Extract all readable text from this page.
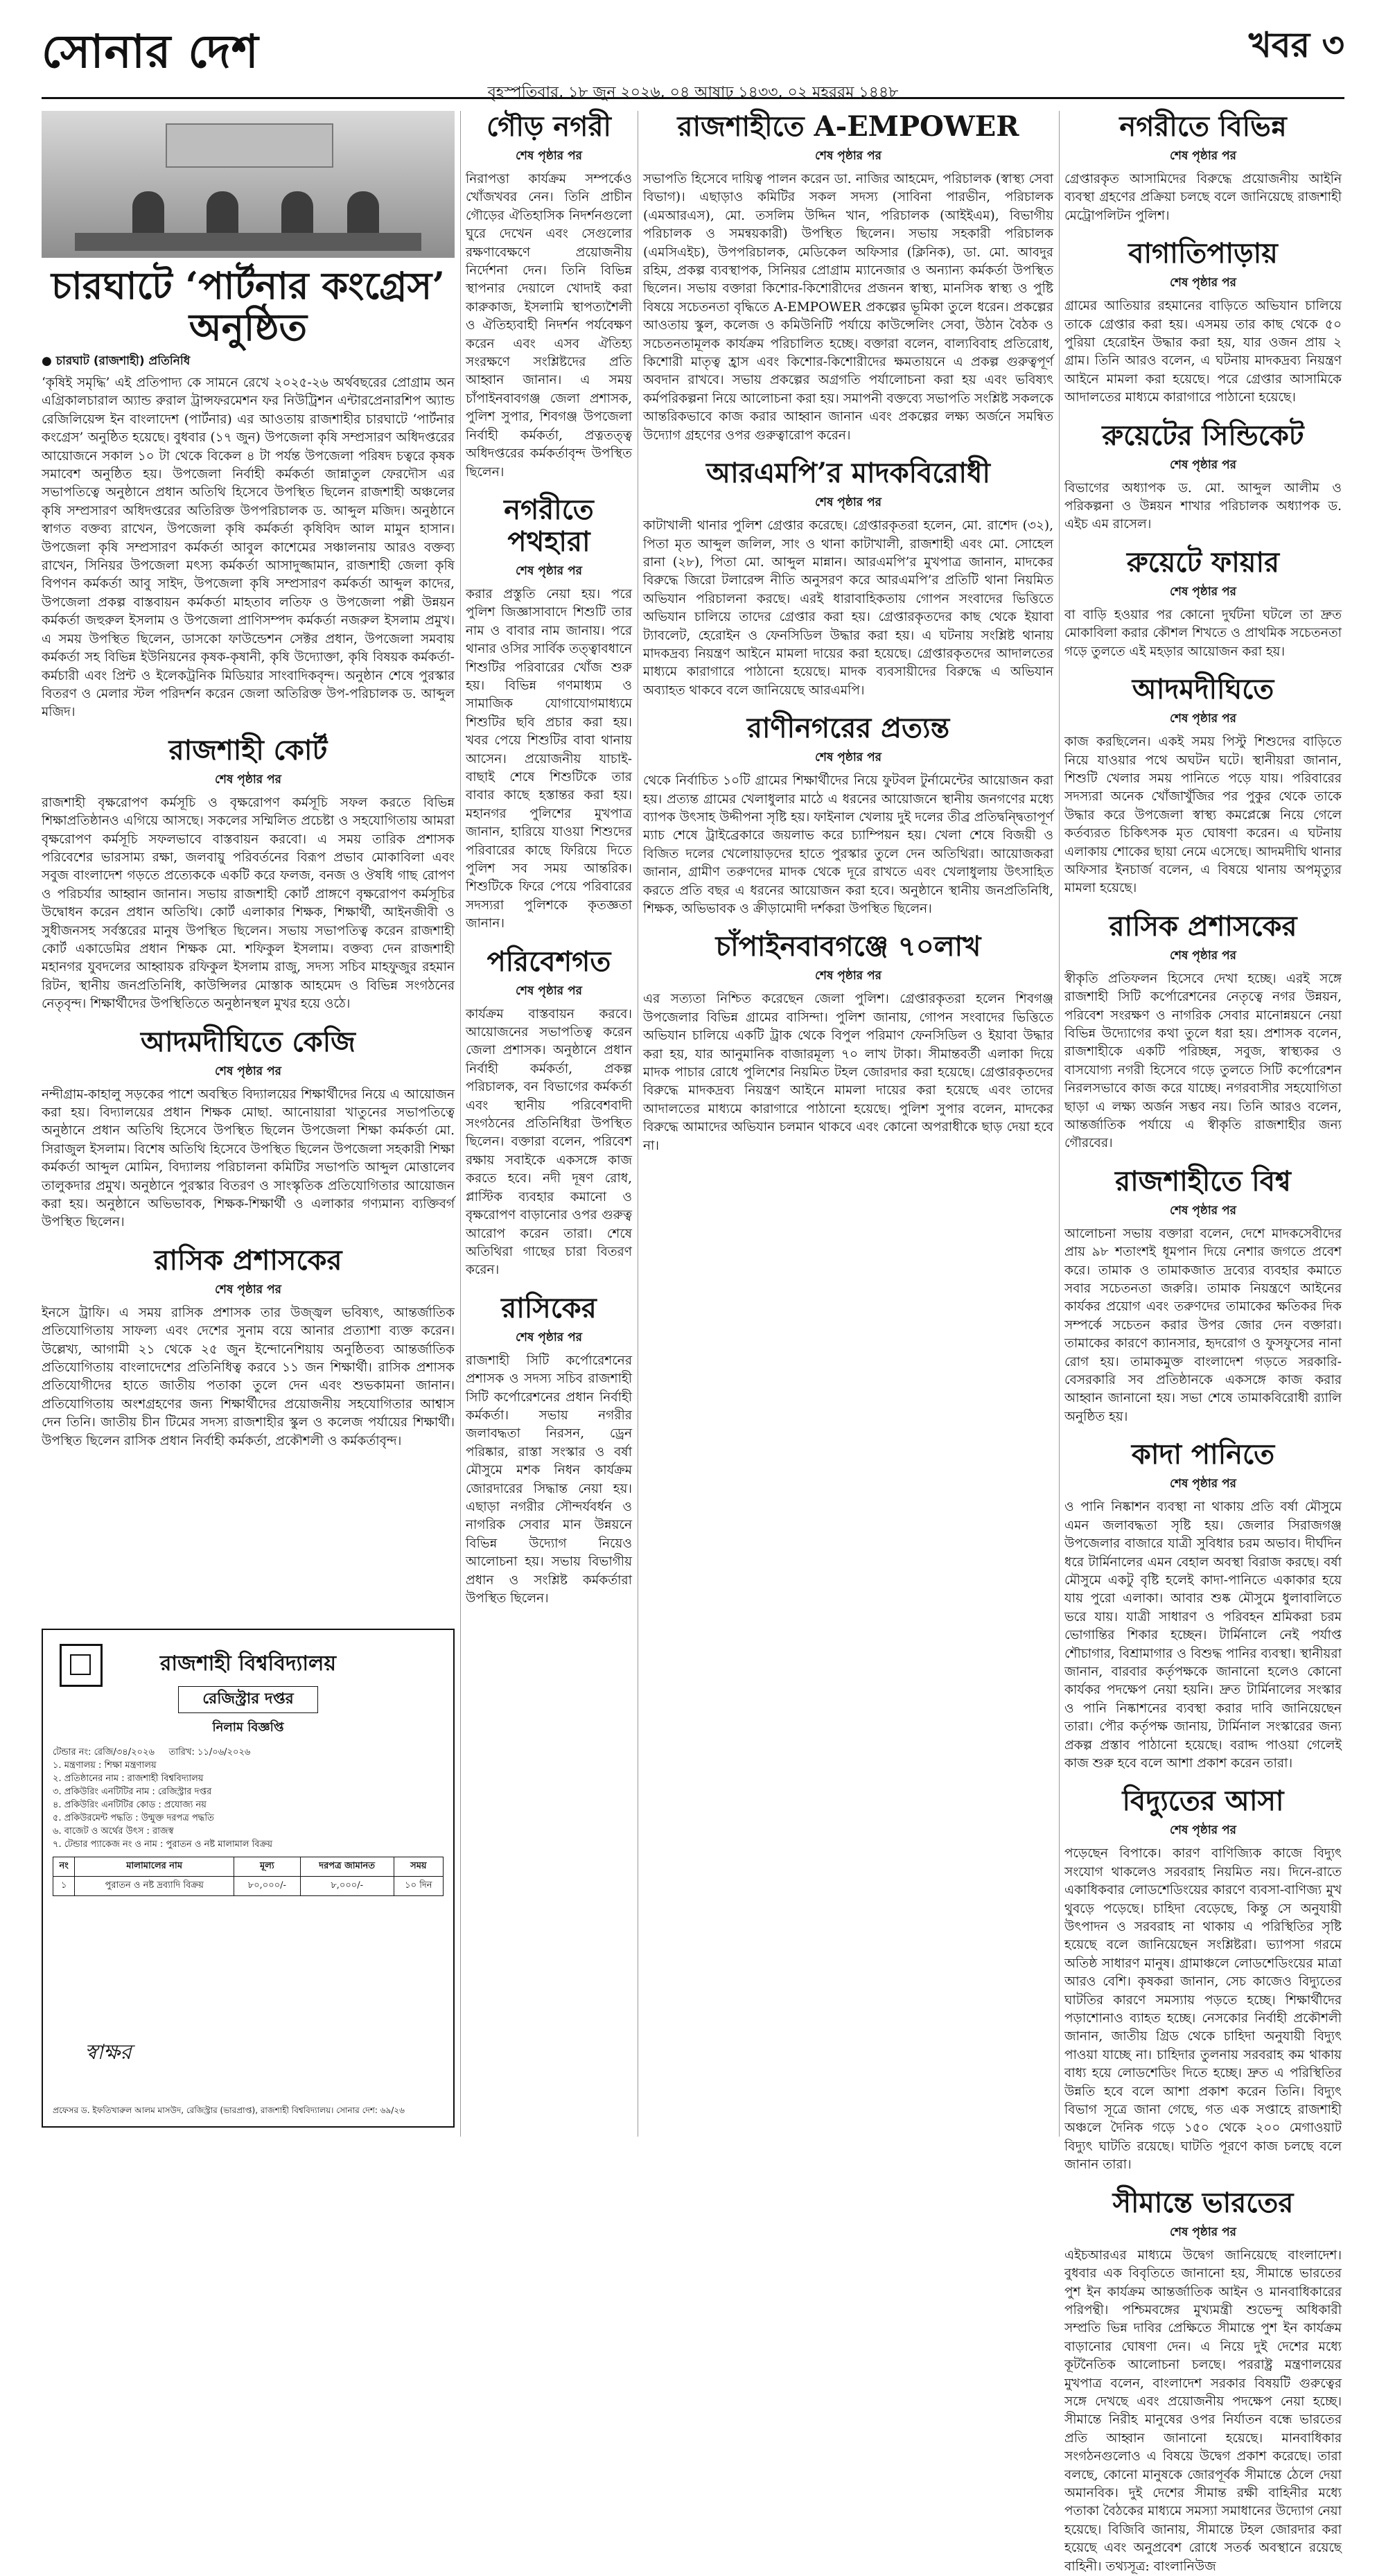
সোনার দেশ
বৃহস্পতিবার, ১৮ জুন ২০২৬, ০৪ আষাঢ় ১৪৩৩, ০২ মহররম ১৪৪৮
খবর ৩
চারঘাটে ‘পার্টনার কংগ্রেস’ অনুষ্ঠিত
● চারঘাট (রাজশাহী) প্রতিনিধি

‘কৃষিই সমৃদ্ধি’ এই প্রতিপাদ্য কে সামনে রেখে ২০২৫-২৬ অর্থবছরের প্রোগ্রাম অন এগ্রিকালচারাল অ্যান্ড রুরাল ট্রান্সফরমেশন ফর নিউট্রিশন এন্টারপ্রেনারশিপ অ্যান্ড রেজিলিয়েন্স ইন বাংলাদেশ (পার্টনার) এর আওতায় রাজশাহীর চারঘাটে ‘পার্টনার কংগ্রেস’ অনুষ্ঠিত হয়েছে। বুধবার (১৭ জুন) উপজেলা কৃষি সম্প্রসারণ অধিদপ্তরের আয়োজনে সকাল ১০ টা থেকে বিকেল ৪ টা পর্যন্ত উপজেলা পরিষদ চত্বরে কৃষক সমাবেশ অনুষ্ঠিত হয়। উপজেলা নির্বাহী কর্মকর্তা জান্নাতুল ফেরদৌস এর সভাপতিত্বে অনুষ্ঠানে প্রধান অতিথি হিসেবে উপস্থিত ছিলেন রাজশাহী অঞ্চলের কৃষি সম্প্রসারণ অধিদপ্তরের অতিরিক্ত উপপরিচালক ড. আব্দুল মজিদ। অনুষ্ঠানে স্বাগত বক্তব্য রাখেন, উপজেলা কৃষি কর্মকর্তা কৃষিবিদ আল মামুন হাসান। উপজেলা কৃষি সম্প্রসারণ কর্মকর্তা আবুল কাশেমের সঞ্চালনায় আরও বক্তব্য রাখেন, সিনিয়র উপজেলা মৎস্য কর্মকর্তা আসাদুজ্জামান, রাজশাহী জেলা কৃষি বিপণন কর্মকর্তা আবু সাইদ, উপজেলা কৃষি সম্প্রসারণ কর্মকর্তা আব্দুল কাদের, উপজেলা প্রকল্প বাস্তবায়ন কর্মকর্তা মাহতাব লতিফ ও উপজেলা পল্লী উন্নয়ন কর্মকর্তা জহুরুল ইসলাম ও উপজেলা প্রাণিসম্পদ কর্মকর্তা নজরুল ইসলাম প্রমুখ। এ সময় উপস্থিত ছিলেন, ডাসকো ফাউন্ডেশন সেক্টর প্রধান, উপজেলা সমবায় কর্মকর্তা সহ বিভিন্ন ইউনিয়নের কৃষক-কৃষানী, কৃষি উদ্যোক্তা, কৃষি বিষয়ক কর্মকর্তা-কর্মচারী এবং প্রিন্ট ও ইলেকট্রনিক মিডিয়ার সাংবাদিকবৃন্দ। অনুষ্ঠান শেষে পুরস্কার বিতরণ ও মেলার স্টল পরিদর্শন করেন জেলা অতিরিক্ত উপ-পরিচালক ড. আব্দুল মজিদ।

রাজশাহী কোর্ট
শেষ পৃষ্ঠার পর

রাজশাহী বৃক্ষরোপণ কর্মসূচি ও বৃক্ষরোপণ কর্মসূচি সফল করতে বিভিন্ন শিক্ষাপ্রতিষ্ঠানও এগিয়ে আসছে। সকলের সম্মিলিত প্রচেষ্টা ও সহযোগিতায় আমরা বৃক্ষরোপণ কর্মসূচি সফলভাবে বাস্তবায়ন করবো। এ সময় তারিক প্রশাসক পরিবেশের ভারসাম্য রক্ষা, জলবায়ু পরিবর্তনের বিরূপ প্রভাব মোকাবিলা এবং সবুজ বাংলাদেশ গড়তে প্রত্যেককে একটি করে ফলজ, বনজ ও ঔষধি গাছ রোপণ ও পরিচর্যার আহ্বান জানান। সভায় রাজশাহী কোর্ট প্রাঙ্গণে বৃক্ষরোপণ কর্মসূচির উদ্বোধন করেন প্রধান অতিথি। কোর্ট এলাকার শিক্ষক, শিক্ষার্থী, আইনজীবী ও সুধীজনসহ সর্বস্তরের মানুষ উপস্থিত ছিলেন। সভায় সভাপতিত্ব করেন রাজশাহী কোর্ট একাডেমির প্রধান শিক্ষক মো. শফিকুল ইসলাম। বক্তব্য দেন রাজশাহী মহানগর যুবদলের আহ্বায়ক রফিকুল ইসলাম রাজু, সদস্য সচিব মাহফুজুর রহমান রিটন, স্থানীয় জনপ্রতিনিধি, কাউন্সিলর মোস্তাক আহমেদ ও বিভিন্ন সংগঠনের নেতৃবৃন্দ। শিক্ষার্থীদের উপস্থিতিতে অনুষ্ঠানস্থল মুখর হয়ে ওঠে।

আদমদীঘিতে কেজি
শেষ পৃষ্ঠার পর

নন্দীগ্রাম-কাহালু সড়কের পাশে অবস্থিত বিদ্যালয়ের শিক্ষার্থীদের নিয়ে এ আয়োজন করা হয়। বিদ্যালয়ের প্রধান শিক্ষক মোছা. আনোয়ারা খাতুনের সভাপতিত্বে অনুষ্ঠানে প্রধান অতিথি হিসেবে উপস্থিত ছিলেন উপজেলা শিক্ষা কর্মকর্তা মো. সিরাজুল ইসলাম। বিশেষ অতিথি হিসেবে উপস্থিত ছিলেন উপজেলা সহকারী শিক্ষা কর্মকর্তা আব্দুল মোমিন, বিদ্যালয় পরিচালনা কমিটির সভাপতি আব্দুল মোত্তালেব তালুকদার প্রমুখ। অনুষ্ঠানে পুরস্কার বিতরণ ও সাংস্কৃতিক প্রতিযোগিতার আয়োজন করা হয়। অনুষ্ঠানে অভিভাবক, শিক্ষক-শিক্ষার্থী ও এলাকার গণ্যমান্য ব্যক্তিবর্গ উপস্থিত ছিলেন।

রাসিক প্রশাসকের
শেষ পৃষ্ঠার পর

ইনসে ট্রাফি। এ সময় রাসিক প্রশাসক তার উজ্জ্বল ভবিষ্যৎ, আন্তর্জাতিক প্রতিযোগিতায় সাফল্য এবং দেশের সুনাম বয়ে আনার প্রত্যাশা ব্যক্ত করেন। উল্লেখ্য, আগামী ২১ থেকে ২৫ জুন ইন্দোনেশিয়ায় অনুষ্ঠিতব্য আন্তর্জাতিক প্রতিযোগিতায় বাংলাদেশের প্রতিনিধিত্ব করবে ১১ জন শিক্ষার্থী। রাসিক প্রশাসক প্রতিযোগীদের হাতে জাতীয় পতাকা তুলে দেন এবং শুভকামনা জানান। প্রতিযোগিতায় অংশগ্রহণের জন্য শিক্ষার্থীদের প্রয়োজনীয় সহযোগিতার আশ্বাস দেন তিনি। জাতীয় চীন টিমের সদস্য রাজশাহীর স্কুল ও কলেজ পর্যায়ের শিক্ষার্থী। উপস্থিত ছিলেন রাসিক প্রধান নির্বাহী কর্মকর্তা, প্রকৌশলী ও কর্মকর্তাবৃন্দ।

গৌড় নগরী
শেষ পৃষ্ঠার পর

নিরাপত্তা কার্যক্রম সম্পর্কেও খোঁজখবর নেন। তিনি প্রাচীন গৌড়ের ঐতিহাসিক নিদর্শনগুলো ঘুরে দেখেন এবং সেগুলোর রক্ষণাবেক্ষণে প্রয়োজনীয় নির্দেশনা দেন। তিনি বিভিন্ন স্থাপনার দেয়ালে খোদাই করা কারুকাজ, ইসলামি স্থাপত্যশৈলী ও ঐতিহ্যবাহী নিদর্শন পর্যবেক্ষণ করেন এবং এসব ঐতিহ্য সংরক্ষণে সংশ্লিষ্টদের প্রতি আহ্বান জানান। এ সময় চাঁপাইনবাবগঞ্জ জেলা প্রশাসক, পুলিশ সুপার, শিবগঞ্জ উপজেলা নির্বাহী কর্মকর্তা, প্রত্নতত্ত্ব অধিদপ্তরের কর্মকর্তাবৃন্দ উপস্থিত ছিলেন।

নগরীতে পথহারা
শেষ পৃষ্ঠার পর

করার প্রস্তুতি নেয়া হয়। পরে পুলিশ জিজ্ঞাসাবাদে শিশুটি তার নাম ও বাবার নাম জানায়। পরে থানার ওসির সার্বিক তত্ত্বাবধানে শিশুটির পরিবারের খোঁজ শুরু হয়। বিভিন্ন গণমাধ্যম ও সামাজিক যোগাযোগমাধ্যমে শিশুটির ছবি প্রচার করা হয়। খবর পেয়ে শিশুটির বাবা থানায় আসেন। প্রয়োজনীয় যাচাই-বাছাই শেষে শিশুটিকে তার বাবার কাছে হস্তান্তর করা হয়। মহানগর পুলিশের মুখপাত্র জানান, হারিয়ে যাওয়া শিশুদের পরিবারের কাছে ফিরিয়ে দিতে পুলিশ সব সময় আন্তরিক। শিশুটিকে ফিরে পেয়ে পরিবারের সদস্যরা পুলিশকে কৃতজ্ঞতা জানান।

পরিবেশগত
শেষ পৃষ্ঠার পর

কার্যক্রম বাস্তবায়ন করবে। আয়োজনের সভাপতিত্ব করেন জেলা প্রশাসক। অনুষ্ঠানে প্রধান নির্বাহী কর্মকর্তা, প্রকল্প পরিচালক, বন বিভাগের কর্মকর্তা এবং স্থানীয় পরিবেশবাদী সংগঠনের প্রতিনিধিরা উপস্থিত ছিলেন। বক্তারা বলেন, পরিবেশ রক্ষায় সবাইকে একসঙ্গে কাজ করতে হবে। নদী দূষণ রোধ, প্লাস্টিক ব্যবহার কমানো ও বৃক্ষরোপণ বাড়ানোর ওপর গুরুত্ব আরোপ করেন তারা। শেষে অতিথিরা গাছের চারা বিতরণ করেন।

রাসিকের
শেষ পৃষ্ঠার পর

রাজশাহী সিটি কর্পোরেশনের প্রশাসক ও সদস্য সচিব রাজশাহী সিটি কর্পোরেশনের প্রধান নির্বাহী কর্মকর্তা। সভায় নগরীর জলাবদ্ধতা নিরসন, ড্রেন পরিষ্কার, রাস্তা সংস্কার ও বর্ষা মৌসুমে মশক নিধন কার্যক্রম জোরদারের সিদ্ধান্ত নেয়া হয়। এছাড়া নগরীর সৌন্দর্যবর্ধন ও নাগরিক সেবার মান উন্নয়নে বিভিন্ন উদ্যোগ নিয়েও আলোচনা হয়। সভায় বিভাগীয় প্রধান ও সংশ্লিষ্ট কর্মকর্তারা উপস্থিত ছিলেন।

রাজশাহীতে A-EMPOWER
শেষ পৃষ্ঠার পর

সভাপতি হিসেবে দায়িত্ব পালন করেন ডা. নাজির আহমেদ, পরিচালক (স্বাস্থ্য সেবা বিভাগ)। এছাড়াও কমিটির সকল সদস্য (সাবিনা পারভীন, পরিচালক (এমআরএস), মো. তসলিম উদ্দিন খান, পরিচালক (আইইএম), বিভাগীয় পরিচালক ও সমন্বয়কারী) উপস্থিত ছিলেন। সভায় সহকারী পরিচালক (এমসিএইচ), উপপরিচালক, মেডিকেল অফিসার (ক্লিনিক), ডা. মো. আবদুর রহিম, প্রকল্প ব্যবস্থাপক, সিনিয়র প্রোগ্রাম ম্যানেজার ও অন্যান্য কর্মকর্তা উপস্থিত ছিলেন। সভায় বক্তারা কিশোর-কিশোরীদের প্রজনন স্বাস্থ্য, মানসিক স্বাস্থ্য ও পুষ্টি বিষয়ে সচেতনতা বৃদ্ধিতে A-EMPOWER প্রকল্পের ভূমিকা তুলে ধরেন। প্রকল্পের আওতায় স্কুল, কলেজ ও কমিউনিটি পর্যায়ে কাউন্সেলিং সেবা, উঠান বৈঠক ও সচেতনতামূলক কার্যক্রম পরিচালিত হচ্ছে। বক্তারা বলেন, বাল্যবিবাহ প্রতিরোধ, কিশোরী মাতৃত্ব হ্রাস এবং কিশোর-কিশোরীদের ক্ষমতায়নে এ প্রকল্প গুরুত্বপূর্ণ অবদান রাখবে। সভায় প্রকল্পের অগ্রগতি পর্যালোচনা করা হয় এবং ভবিষ্যৎ কর্মপরিকল্পনা নিয়ে আলোচনা করা হয়। সমাপনী বক্তব্যে সভাপতি সংশ্লিষ্ট সকলকে আন্তরিকভাবে কাজ করার আহ্বান জানান এবং প্রকল্পের লক্ষ্য অর্জনে সমন্বিত উদ্যোগ গ্রহণের ওপর গুরুত্বারোপ করেন।

আরএমপি’র মাদকবিরোধী
শেষ পৃষ্ঠার পর

কাটাখালী থানার পুলিশ গ্রেপ্তার করেছে। গ্রেপ্তারকৃতরা হলেন, মো. রাশেদ (৩২), পিতা মৃত আব্দুল জলিল, সাং ও থানা কাটাখালী, রাজশাহী এবং মো. সোহেল রানা (২৮), পিতা মো. আব্দুল মান্নান। আরএমপি’র মুখপাত্র জানান, মাদকের বিরুদ্ধে জিরো টলারেন্স নীতি অনুসরণ করে আরএমপি’র প্রতিটি থানা নিয়মিত অভিযান পরিচালনা করছে। এরই ধারাবাহিকতায় গোপন সংবাদের ভিত্তিতে অভিযান চালিয়ে তাদের গ্রেপ্তার করা হয়। গ্রেপ্তারকৃতদের কাছ থেকে ইয়াবা ট্যাবলেট, হেরোইন ও ফেনসিডিল উদ্ধার করা হয়। এ ঘটনায় সংশ্লিষ্ট থানায় মাদকদ্রব্য নিয়ন্ত্রণ আইনে মামলা দায়ের করা হয়েছে। গ্রেপ্তারকৃতদের আদালতের মাধ্যমে কারাগারে পাঠানো হয়েছে। মাদক ব্যবসায়ীদের বিরুদ্ধে এ অভিযান অব্যাহত থাকবে বলে জানিয়েছে আরএমপি।

রাণীনগরের প্রত্যন্ত
শেষ পৃষ্ঠার পর

থেকে নির্বাচিত ১০টি গ্রামের শিক্ষার্থীদের নিয়ে ফুটবল টুর্নামেন্টের আয়োজন করা হয়। প্রত্যন্ত গ্রামের খেলাধুলার মাঠে এ ধরনের আয়োজনে স্থানীয় জনগণের মধ্যে ব্যাপক উৎসাহ উদ্দীপনা সৃষ্টি হয়। ফাইনাল খেলায় দুই দলের তীব্র প্রতিদ্বন্দ্বিতাপূর্ণ ম্যাচ শেষে ট্রাইব্রেকারে জয়লাভ করে চ্যাম্পিয়ন হয়। খেলা শেষে বিজয়ী ও বিজিত দলের খেলোয়াড়দের হাতে পুরস্কার তুলে দেন অতিথিরা। আয়োজকরা জানান, গ্রামীণ তরুণদের মাদক থেকে দূরে রাখতে এবং খেলাধুলায় উৎসাহিত করতে প্রতি বছর এ ধরনের আয়োজন করা হবে। অনুষ্ঠানে স্থানীয় জনপ্রতিনিধি, শিক্ষক, অভিভাবক ও ক্রীড়ামোদী দর্শকরা উপস্থিত ছিলেন।

চাঁপাইনবাবগঞ্জে ৭০লাখ
শেষ পৃষ্ঠার পর

এর সত্যতা নিশ্চিত করেছেন জেলা পুলিশ। গ্রেপ্তারকৃতরা হলেন শিবগঞ্জ উপজেলার বিভিন্ন গ্রামের বাসিন্দা। পুলিশ জানায়, গোপন সংবাদের ভিত্তিতে অভিযান চালিয়ে একটি ট্রাক থেকে বিপুল পরিমাণ ফেনসিডিল ও ইয়াবা উদ্ধার করা হয়, যার আনুমানিক বাজারমূল্য ৭০ লাখ টাকা। সীমান্তবর্তী এলাকা দিয়ে মাদক পাচার রোধে পুলিশের নিয়মিত টহল জোরদার করা হয়েছে। গ্রেপ্তারকৃতদের বিরুদ্ধে মাদকদ্রব্য নিয়ন্ত্রণ আইনে মামলা দায়ের করা হয়েছে এবং তাদের আদালতের মাধ্যমে কারাগারে পাঠানো হয়েছে। পুলিশ সুপার বলেন, মাদকের বিরুদ্ধে আমাদের অভিযান চলমান থাকবে এবং কোনো অপরাধীকে ছাড় দেয়া হবে না।

নগরীতে বিভিন্ন
শেষ পৃষ্ঠার পর

গ্রেপ্তারকৃত আসামিদের বিরুদ্ধে প্রয়োজনীয় আইনি ব্যবস্থা গ্রহণের প্রক্রিয়া চলছে বলে জানিয়েছে রাজশাহী মেট্রোপলিটন পুলিশ।

বাগাতিপাড়ায়
শেষ পৃষ্ঠার পর

গ্রামের আতিয়ার রহমানের বাড়িতে অভিযান চালিয়ে তাকে গ্রেপ্তার করা হয়। এসময় তার কাছ থেকে ৫০ পুরিয়া হেরোইন উদ্ধার করা হয়, যার ওজন প্রায় ২ গ্রাম। তিনি আরও বলেন, এ ঘটনায় মাদকদ্রব্য নিয়ন্ত্রণ আইনে মামলা করা হয়েছে। পরে গ্রেপ্তার আসামিকে আদালতের মাধ্যমে কারাগারে পাঠানো হয়েছে।

রুয়েটের সিন্ডিকেট
শেষ পৃষ্ঠার পর

বিভাগের অধ্যাপক ড. মো. আব্দুল আলীম ও পরিকল্পনা ও উন্নয়ন শাখার পরিচালক অধ্যাপক ড. এইচ এম রাসেল।

রুয়েটে ফায়ার
শেষ পৃষ্ঠার পর

বা বাড়ি হওয়ার পর কোনো দুর্ঘটনা ঘটলে তা দ্রুত মোকাবিলা করার কৌশল শিখতে ও প্রাথমিক সচেতনতা গড়ে তুলতে এই মহড়ার আয়োজন করা হয়।

আদমদীঘিতে
শেষ পৃষ্ঠার পর

কাজ করছিলেন। একই সময় পিস্টু শিশুদের বাড়িতে নিয়ে যাওয়ার পথে অঘটন ঘটে। স্থানীয়রা জানান, শিশুটি খেলার সময় পানিতে পড়ে যায়। পরিবারের সদস্যরা অনেক খোঁজাখুঁজির পর পুকুর থেকে তাকে উদ্ধার করে উপজেলা স্বাস্থ্য কমপ্লেক্সে নিয়ে গেলে কর্তব্যরত চিকিৎসক মৃত ঘোষণা করেন। এ ঘটনায় এলাকায় শোকের ছায়া নেমে এসেছে। আদমদীঘি থানার অফিসার ইনচার্জ বলেন, এ বিষয়ে থানায় অপমৃত্যুর মামলা হয়েছে।

রাসিক প্রশাসকের
শেষ পৃষ্ঠার পর

স্বীকৃতি প্রতিফলন হিসেবে দেখা হচ্ছে। এরই সঙ্গে রাজশাহী সিটি কর্পোরেশনের নেতৃত্বে নগর উন্নয়ন, পরিবেশ সংরক্ষণ ও নাগরিক সেবার মানোন্নয়নে নেয়া বিভিন্ন উদ্যোগের কথা তুলে ধরা হয়। প্রশাসক বলেন, রাজশাহীকে একটি পরিচ্ছন্ন, সবুজ, স্বাস্থ্যকর ও বাসযোগ্য নগরী হিসেবে গড়ে তুলতে সিটি কর্পোরেশন নিরলসভাবে কাজ করে যাচ্ছে। নগরবাসীর সহযোগিতা ছাড়া এ লক্ষ্য অর্জন সম্ভব নয়। তিনি আরও বলেন, আন্তর্জাতিক পর্যায়ে এ স্বীকৃতি রাজশাহীর জন্য গৌরবের।

রাজশাহীতে বিশ্ব
শেষ পৃষ্ঠার পর

আলোচনা সভায় বক্তারা বলেন, দেশে মাদকসেবীদের প্রায় ৯৮ শতাংশই ধূমপান দিয়ে নেশার জগতে প্রবেশ করে। তামাক ও তামাকজাত দ্রব্যের ব্যবহার কমাতে সবার সচেতনতা জরুরি। তামাক নিয়ন্ত্রণে আইনের কার্যকর প্রয়োগ এবং তরুণদের তামাকের ক্ষতিকর দিক সম্পর্কে সচেতন করার উপর জোর দেন বক্তারা। তামাকের কারণে ক্যানসার, হৃদরোগ ও ফুসফুসের নানা রোগ হয়। তামাকমুক্ত বাংলাদেশ গড়তে সরকারি-বেসরকারি সব প্রতিষ্ঠানকে একসঙ্গে কাজ করার আহ্বান জানানো হয়। সভা শেষে তামাকবিরোধী র‌্যালি অনুষ্ঠিত হয়।

কাদা পানিতে
শেষ পৃষ্ঠার পর

ও পানি নিষ্কাশন ব্যবস্থা না থাকায় প্রতি বর্ষা মৌসুমে এমন জলাবদ্ধতা সৃষ্টি হয়। জেলার সিরাজগঞ্জ উপজেলার বাজারে যাত্রী সুবিধার চরম অভাব। দীর্ঘদিন ধরে টার্মিনালের এমন বেহাল অবস্থা বিরাজ করছে। বর্ষা মৌসুমে একটু বৃষ্টি হলেই কাদা-পানিতে একাকার হয়ে যায় পুরো এলাকা। আবার শুষ্ক মৌসুমে ধুলাবালিতে ভরে যায়। যাত্রী সাধারণ ও পরিবহন শ্রমিকরা চরম ভোগান্তির শিকার হচ্ছেন। টার্মিনালে নেই পর্যাপ্ত শৌচাগার, বিশ্রামাগার ও বিশুদ্ধ পানির ব্যবস্থা। স্থানীয়রা জানান, বারবার কর্তৃপক্ষকে জানানো হলেও কোনো কার্যকর পদক্ষেপ নেয়া হয়নি। দ্রুত টার্মিনালের সংস্কার ও পানি নিষ্কাশনের ব্যবস্থা করার দাবি জানিয়েছেন তারা। পৌর কর্তৃপক্ষ জানায়, টার্মিনাল সংস্কারের জন্য প্রকল্প প্রস্তাব পাঠানো হয়েছে। বরাদ্দ পাওয়া গেলেই কাজ শুরু হবে বলে আশা প্রকাশ করেন তারা।

বিদ্যুতের আসা
শেষ পৃষ্ঠার পর

পড়েছেন বিপাকে। কারণ বাণিজ্যিক কাজে বিদ্যুৎ সংযোগ থাকলেও সরবরাহ নিয়মিত নয়। দিনে-রাতে একাধিকবার লোডশেডিংয়ের কারণে ব্যবসা-বাণিজ্য মুখ থুবড়ে পড়েছে। চাহিদা বেড়েছে, কিন্তু সে অনুযায়ী উৎপাদন ও সরবরাহ না থাকায় এ পরিস্থিতির সৃষ্টি হয়েছে বলে জানিয়েছেন সংশ্লিষ্টরা। ভ্যাপসা গরমে অতিষ্ঠ সাধারণ মানুষ। গ্রামাঞ্চলে লোডশেডিংয়ের মাত্রা আরও বেশি। কৃষকরা জানান, সেচ কাজেও বিদ্যুতের ঘাটতির কারণে সমস্যায় পড়তে হচ্ছে। শিক্ষার্থীদের পড়াশোনাও ব্যাহত হচ্ছে। নেসকোর নির্বাহী প্রকৌশলী জানান, জাতীয় গ্রিড থেকে চাহিদা অনুযায়ী বিদ্যুৎ পাওয়া যাচ্ছে না। চাহিদার তুলনায় সরবরাহ কম থাকায় বাধ্য হয়ে লোডশেডিং দিতে হচ্ছে। দ্রুত এ পরিস্থিতির উন্নতি হবে বলে আশা প্রকাশ করেন তিনি। বিদ্যুৎ বিভাগ সূত্রে জানা গেছে, গত এক সপ্তাহে রাজশাহী অঞ্চলে দৈনিক গড়ে ১৫০ থেকে ২০০ মেগাওয়াট বিদ্যুৎ ঘাটতি রয়েছে। ঘাটতি পূরণে কাজ চলছে বলে জানান তারা।

সীমান্তে ভারতের
শেষ পৃষ্ঠার পর

এইচআরএর মাধ্যমে উদ্বেগ জানিয়েছে বাংলাদেশ। বুধবার এক বিবৃতিতে জানানো হয়, সীমান্তে ভারতের পুশ ইন কার্যক্রম আন্তর্জাতিক আইন ও মানবাধিকারের পরিপন্থী। পশ্চিমবঙ্গের মুখ্যমন্ত্রী শুভেন্দু অধিকারী সম্প্রতি ভিন্ন দাবির প্রেক্ষিতে সীমান্তে পুশ ইন কার্যক্রম বাড়ানোর ঘোষণা দেন। এ নিয়ে দুই দেশের মধ্যে কূটনৈতিক আলোচনা চলছে। পররাষ্ট্র মন্ত্রণালয়ের মুখপাত্র বলেন, বাংলাদেশ সরকার বিষয়টি গুরুত্বের সঙ্গে দেখছে এবং প্রয়োজনীয় পদক্ষেপ নেয়া হচ্ছে। সীমান্তে নিরীহ মানুষের ওপর নির্যাতন বন্ধে ভারতের প্রতি আহ্বান জানানো হয়েছে। মানবাধিকার সংগঠনগুলোও এ বিষয়ে উদ্বেগ প্রকাশ করেছে। তারা বলছে, কোনো মানুষকে জোরপূর্বক সীমান্তে ঠেলে দেয়া অমানবিক। দুই দেশের সীমান্ত রক্ষী বাহিনীর মধ্যে পতাকা বৈঠকের মাধ্যমে সমস্যা সমাধানের উদ্যোগ নেয়া হয়েছে। বিজিবি জানায়, সীমান্তে টহল জোরদার করা হয়েছে এবং অনুপ্রবেশ রোধে সতর্ক অবস্থানে রয়েছে বাহিনী। তথ্যসূত্র: বাংলানিউজ

রাজশাহী বিশ্ববিদ্যালয়
রেজিস্ট্রার দপ্তর
নিলাম বিজ্ঞপ্তি
টেন্ডার নং: রেজি/৩৪/২০২৬ তারিখ: ১১/০৬/২০২৬
১. মন্ত্রণালয় : শিক্ষা মন্ত্রণালয়
২. প্রতিষ্ঠানের নাম : রাজশাহী বিশ্ববিদ্যালয়
৩. প্রকিউরিং এনটিটির নাম : রেজিস্ট্রার দপ্তর
৪. প্রকিউরিং এনটিটির কোড : প্রযোজ্য নয়
৫. প্রকিউরমেন্ট পদ্ধতি : উন্মুক্ত দরপত্র পদ্ধতি
৬. বাজেট ও অর্থের উৎস : রাজস্ব
৭. টেন্ডার প্যাকেজ নং ও নাম : পুরাতন ও নষ্ট মালামাল বিক্রয়
নং	মালামালের নাম	মূল্য	দরপত্র জামানত	সময়
১	পুরাতন ও নষ্ট দ্রব্যাদি বিক্রয়	৮০,০০০/-	৮,০০০/-	১০ দিন
স্বাক্ষর
প্রফেসর ড. ইফতিখারুল আলম মাসউদ, রেজিস্ট্রার (ভারপ্রাপ্ত), রাজশাহী বিশ্ববিদ্যালয়। সোনার দেশ: ৬৯/২৬
